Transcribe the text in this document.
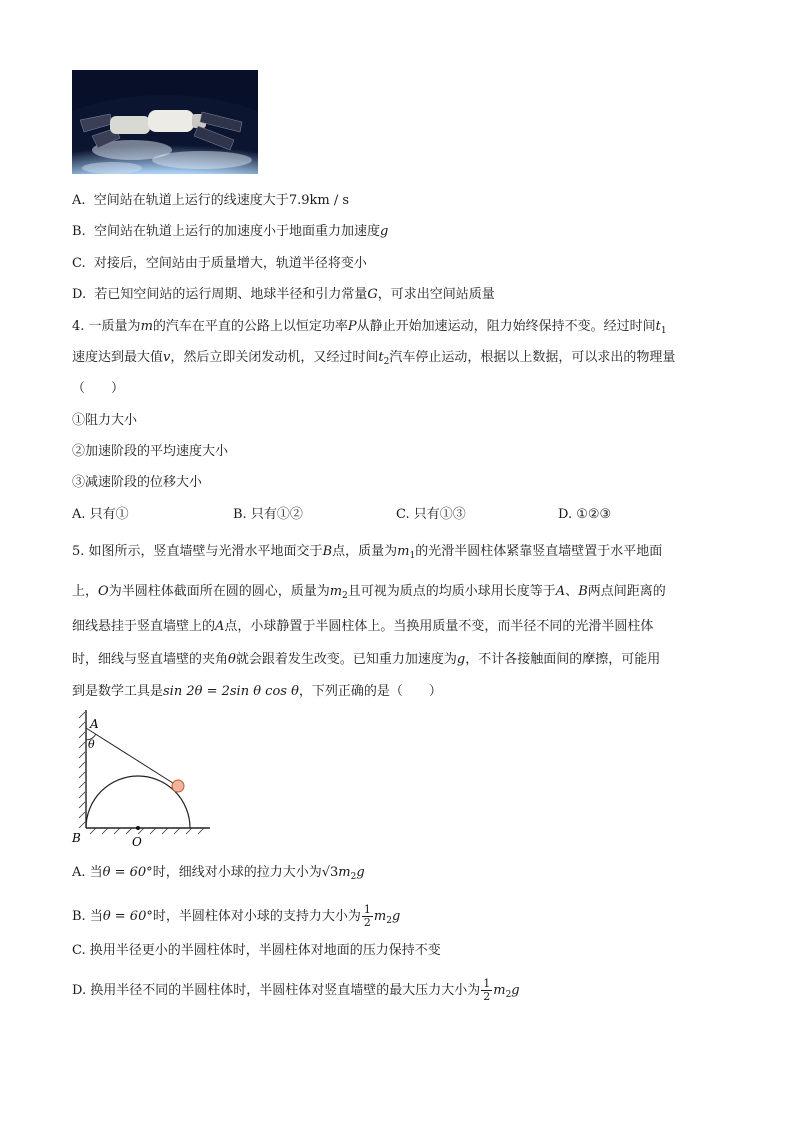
A. 空间站在轨道上运行的线速度大于7.9km / s
B. 空间站在轨道上运行的加速度小于地面重力加速度g
C. 对接后，空间站由于质量增大，轨道半径将变小
D. 若已知空间站的运行周期、地球半径和引力常量G，可求出空间站质量
4. 一质量为m的汽车在平直的公路上以恒定功率P从静止开始加速运动，阻力始终保持不变。经过时间$t_1$
速度达到最大值v，然后立即关闭发动机，又经过时间$t_2$汽车停止运动，根据以上数据，可以求出的物理量
（　　）
①阻力大小
②加速阶段的平均速度大小
③减速阶段的位移大小
A. 只有①	B. 只有①②	C. 只有①③	D. ①②③
5. 如图所示，竖直墙壁与光滑水平地面交于B点，质量为$m_1$的光滑半圆柱体紧靠竖直墙壁置于水平地面
上，O为半圆柱体截面所在圆的圆心，质量为$m_2$且可视为质点的均质小球用长度等于A、B两点间距离的
细线悬挂于竖直墙壁上的A点，小球静置于半圆柱体上。当换用质量不变，而半径不同的光滑半圆柱体
时，细线与竖直墙壁的夹角θ就会跟着发生改变。已知重力加速度为g，不计各接触面间的摩擦，可能用
到是数学工具是sin 2θ = 2sin θ cos θ，下列正确的是（　　）
A
θ
B	O
A. 当θ = 60°时，细线对小球的拉力大小为$√3m_2g$
B. 当θ = 60°时，半圆柱体对小球的支持力大小为 $\frac{1}{2} m_2g$
C. 换用半径更小的半圆柱体时，半圆柱体对地面的压力保持不变
D. 换用半径不同的半圆柱体时，半圆柱体对竖直墙壁的最大压力大小为 $\frac{1}{2} m_2g$
